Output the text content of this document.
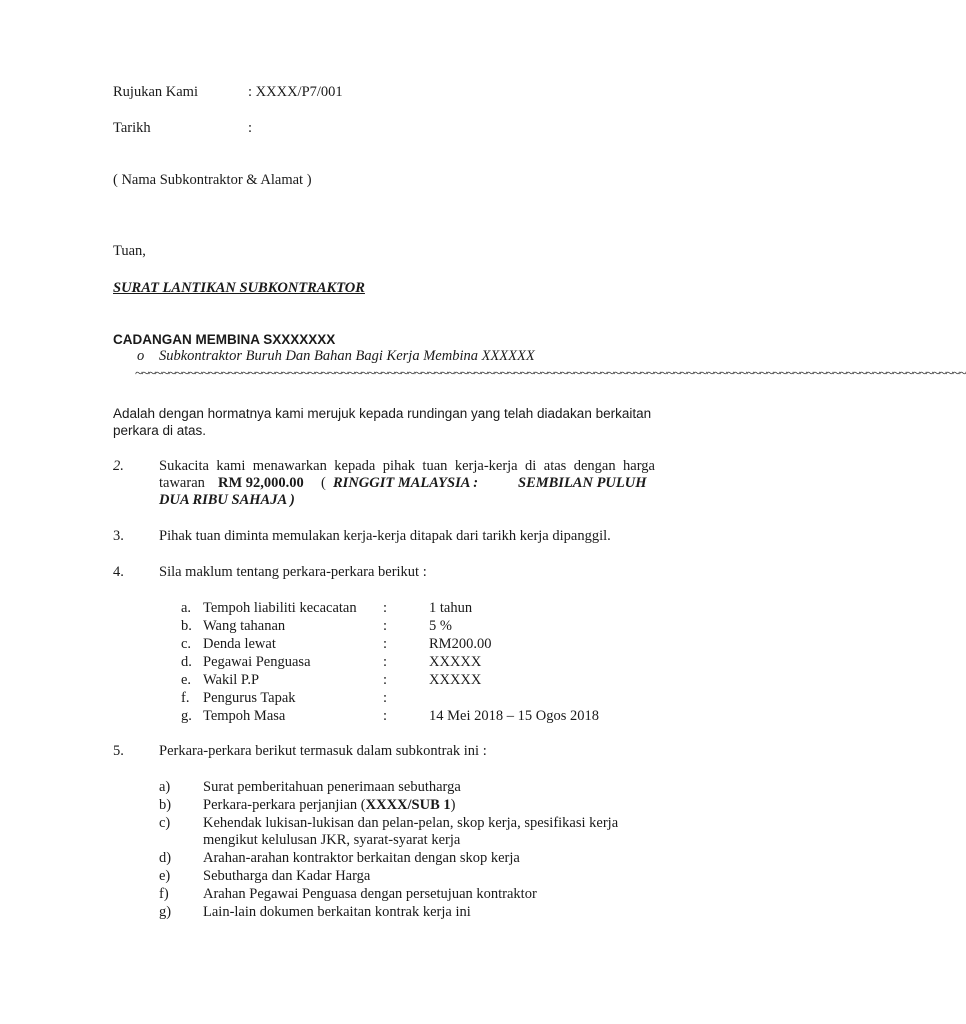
Rujukan Kami	: XXXX/P7/001
Tarikh	:
( Nama Subkontraktor & Alamat )
Tuan,
SURAT LANTIKAN SUBKONTRAKTOR
CADANGAN MEMBINA SXXXXXXX
o Subkontraktor Buruh Dan Bahan Bagi Kerja Membina XXXXXX
~~~~~~~~~~~~~~~~~~~~~~~~~~~~~~~~~~~~~~~~~~~~~~~~~~~~~~~~~~~~~~~~~~~~~~~~~~~~~~~~~~~~~~~~~~~~~~~~~~~~~~~~~~~~~~~~~~~~~~~~~~~~~
Adalah dengan hormatnya kami merujuk kepada rundingan yang telah diadakan berkaitan
perkara di atas.
2. Sukacita kami menawarkan kepada pihak tuan kerja-kerja di atas dengan harga
tawaran RM 92,000.00 ( RINGGIT MALAYSIA :	SEMBILAN PULUH
DUA RIBU SAHAJA )
3. Pihak tuan diminta memulakan kerja-kerja ditapak dari tarikh kerja dipanggil.
4. Sila maklum tentang perkara-perkara berikut :
a. Tempoh liabiliti kecacatan :	1 tahun
b. Wang tahanan	:	5 %
c. Denda lewat	:	RM200.00
d. Pegawai Penguasa	:	XXXXX
e. Wakil P.P	:	XXXXX
f. Pengurus Tapak	:
g. Tempoh Masa	:	14 Mei 2018 – 15 Ogos 2018
5. Perkara-perkara berikut termasuk dalam subkontrak ini :
a) Surat pemberitahuan penerimaan sebutharga
b) Perkara-perkara perjanjian (XXXX/SUB 1)
c) Kehendak lukisan-lukisan dan pelan-pelan, skop kerja, spesifikasi kerja
mengikut kelulusan JKR, syarat-syarat kerja
d) Arahan-arahan kontraktor berkaitan dengan skop kerja
e) Sebutharga dan Kadar Harga
f) Arahan Pegawai Penguasa dengan persetujuan kontraktor
g) Lain-lain dokumen berkaitan kontrak kerja ini
